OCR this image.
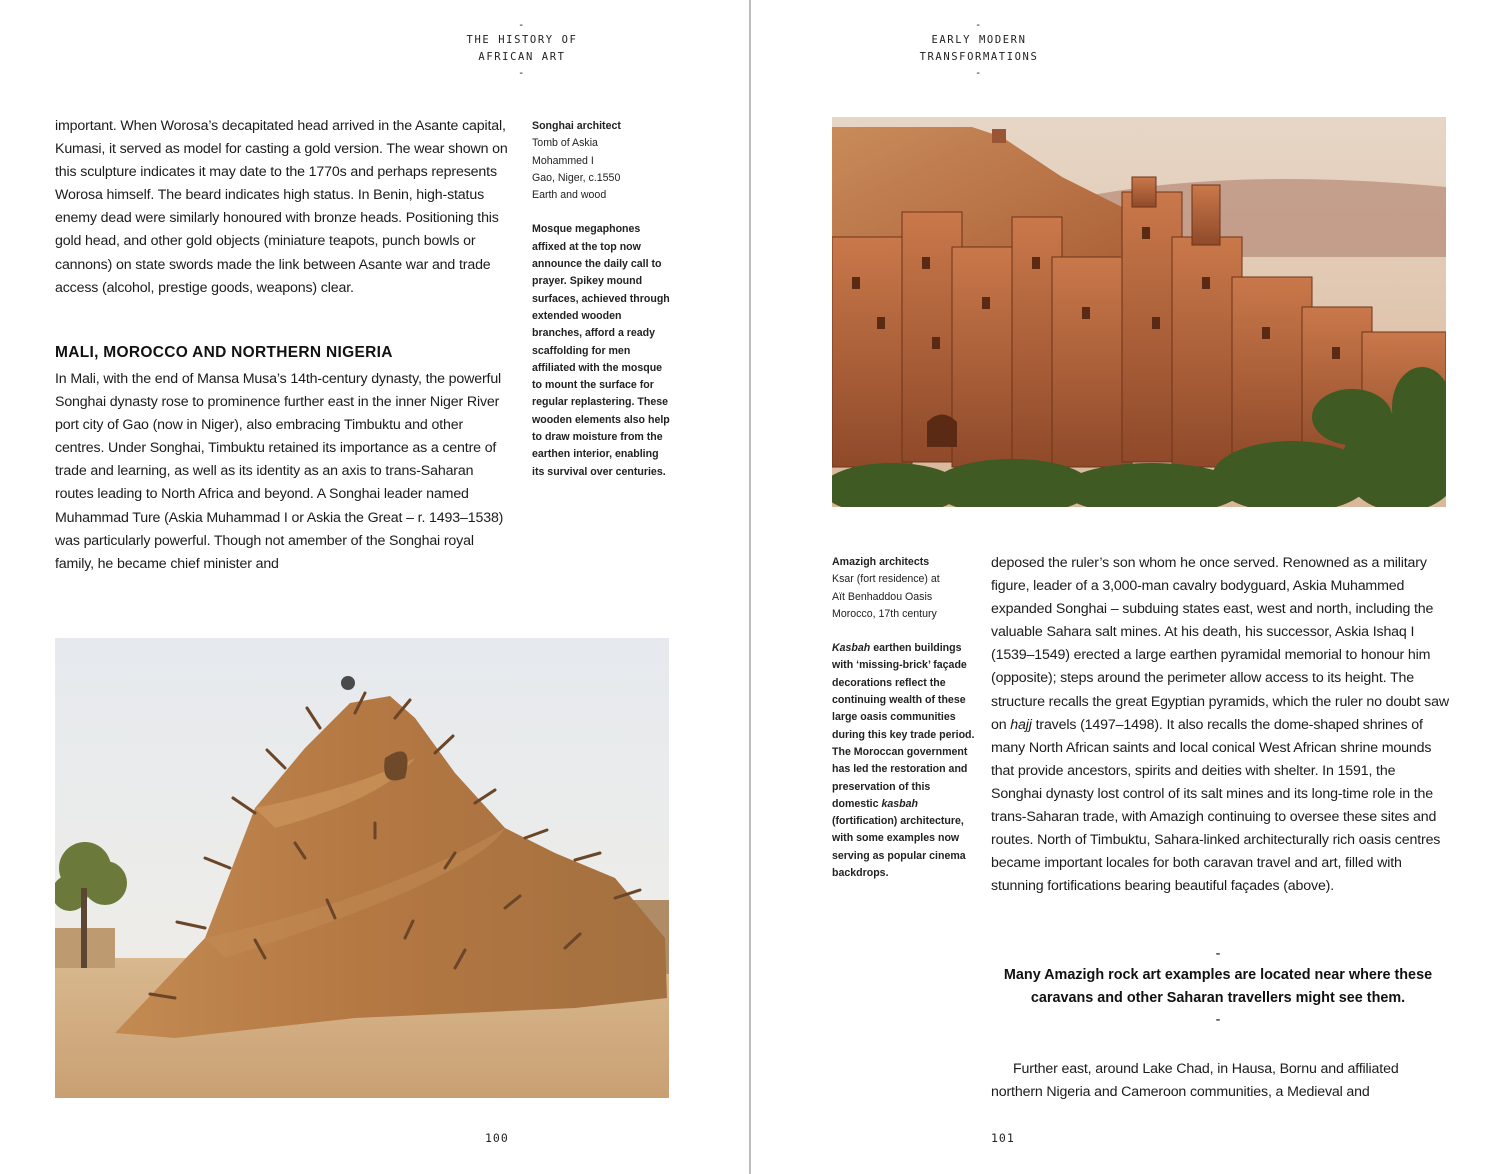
-
THE HISTORY OF
AFRICAN ART
-

important. When Worosa’s decapitated head arrived in the Asante capital, Kumasi, it served as model for casting a gold version. The wear shown on this sculpture indicates it may date to the 1770s and perhaps represents Worosa himself. The beard indicates high status. In Benin, high-status enemy dead were similarly honoured with bronze heads. Positioning this gold head, and other gold objects (miniature teapots, punch bowls or cannons) on state swords made the link between Asante war and trade access (alcohol, prestige goods, weapons) clear.

MALI, MOROCCO AND NORTHERN NIGERIA

In Mali, with the end of Mansa Musa’s 14th-century dynasty, the powerful Songhai dynasty rose to prominence further east in the inner Niger River port city of Gao (now in Niger), also embracing Timbuktu and other centres. Under Songhai, Timbuktu retained its importance as a centre of trade and learning, as well as its identity as an axis to trans-Saharan routes leading to North Africa and beyond. A Songhai leader named Muhammad Ture (Askia Muhammad I or Askia the Great – r. 1493–1538) was particularly powerful. Though not amember of the Songhai royal family, he became chief minister and

Songhai architect
Tomb of Askia
Mohammed I
Gao, Niger, c.1550
Earth and wood
Mosque megaphones affixed at the top now announce the daily call to prayer. Spikey mound surfaces, achieved through extended wooden branches, afford a ready scaffolding for men affiliated with the mosque to mount the surface for regular replastering. These wooden elements also help to draw moisture from the earthen interior, enabling its survival over centuries.
100
-
EARLY MODERN
TRANSFORMATIONS
-
Amazigh architects
Ksar (fort residence) at
Aït Benhaddou Oasis
Morocco, 17th century
Kasbah earthen buildings with ‘missing-brick’ façade decorations reflect the continuing wealth of these large oasis communities during this key trade period. The Moroccan government has led the restoration and preservation of this domestic kasbah (fortification) architecture, with some examples now serving as popular cinema backdrops.

deposed the ruler’s son whom he once served. Renowned as a military figure, leader of a 3,000-man cavalry bodyguard, Askia Muhammed expanded Songhai – subduing states east, west and north, including the valuable Sahara salt mines. At his death, his successor, Askia Ishaq I (1539–1549) erected a large earthen pyramidal memorial to honour him (opposite); steps around the perimeter allow access to its height. The structure recalls the great Egyptian pyramids, which the ruler no doubt saw on hajj travels (1497–1498). It also recalls the dome-shaped shrines of many North African saints and local conical West African shrine mounds that provide ancestors, spirits and deities with shelter. In 1591, the Songhai dynasty lost control of its salt mines and its long-time role in the trans-Saharan trade, with Amazigh continuing to oversee these sites and routes. North of Timbuktu, Sahara-linked architecturally rich oasis centres became important locales for both caravan travel and art, filled with stunning fortifications bearing beautiful façades (above).

-
Many Amazigh rock art examples are located near where these caravans and other Saharan travellers might see them.
-

Further east, around Lake Chad, in Hausa, Bornu and affiliated northern Nigeria and Cameroon communities, a Medieval and

101
